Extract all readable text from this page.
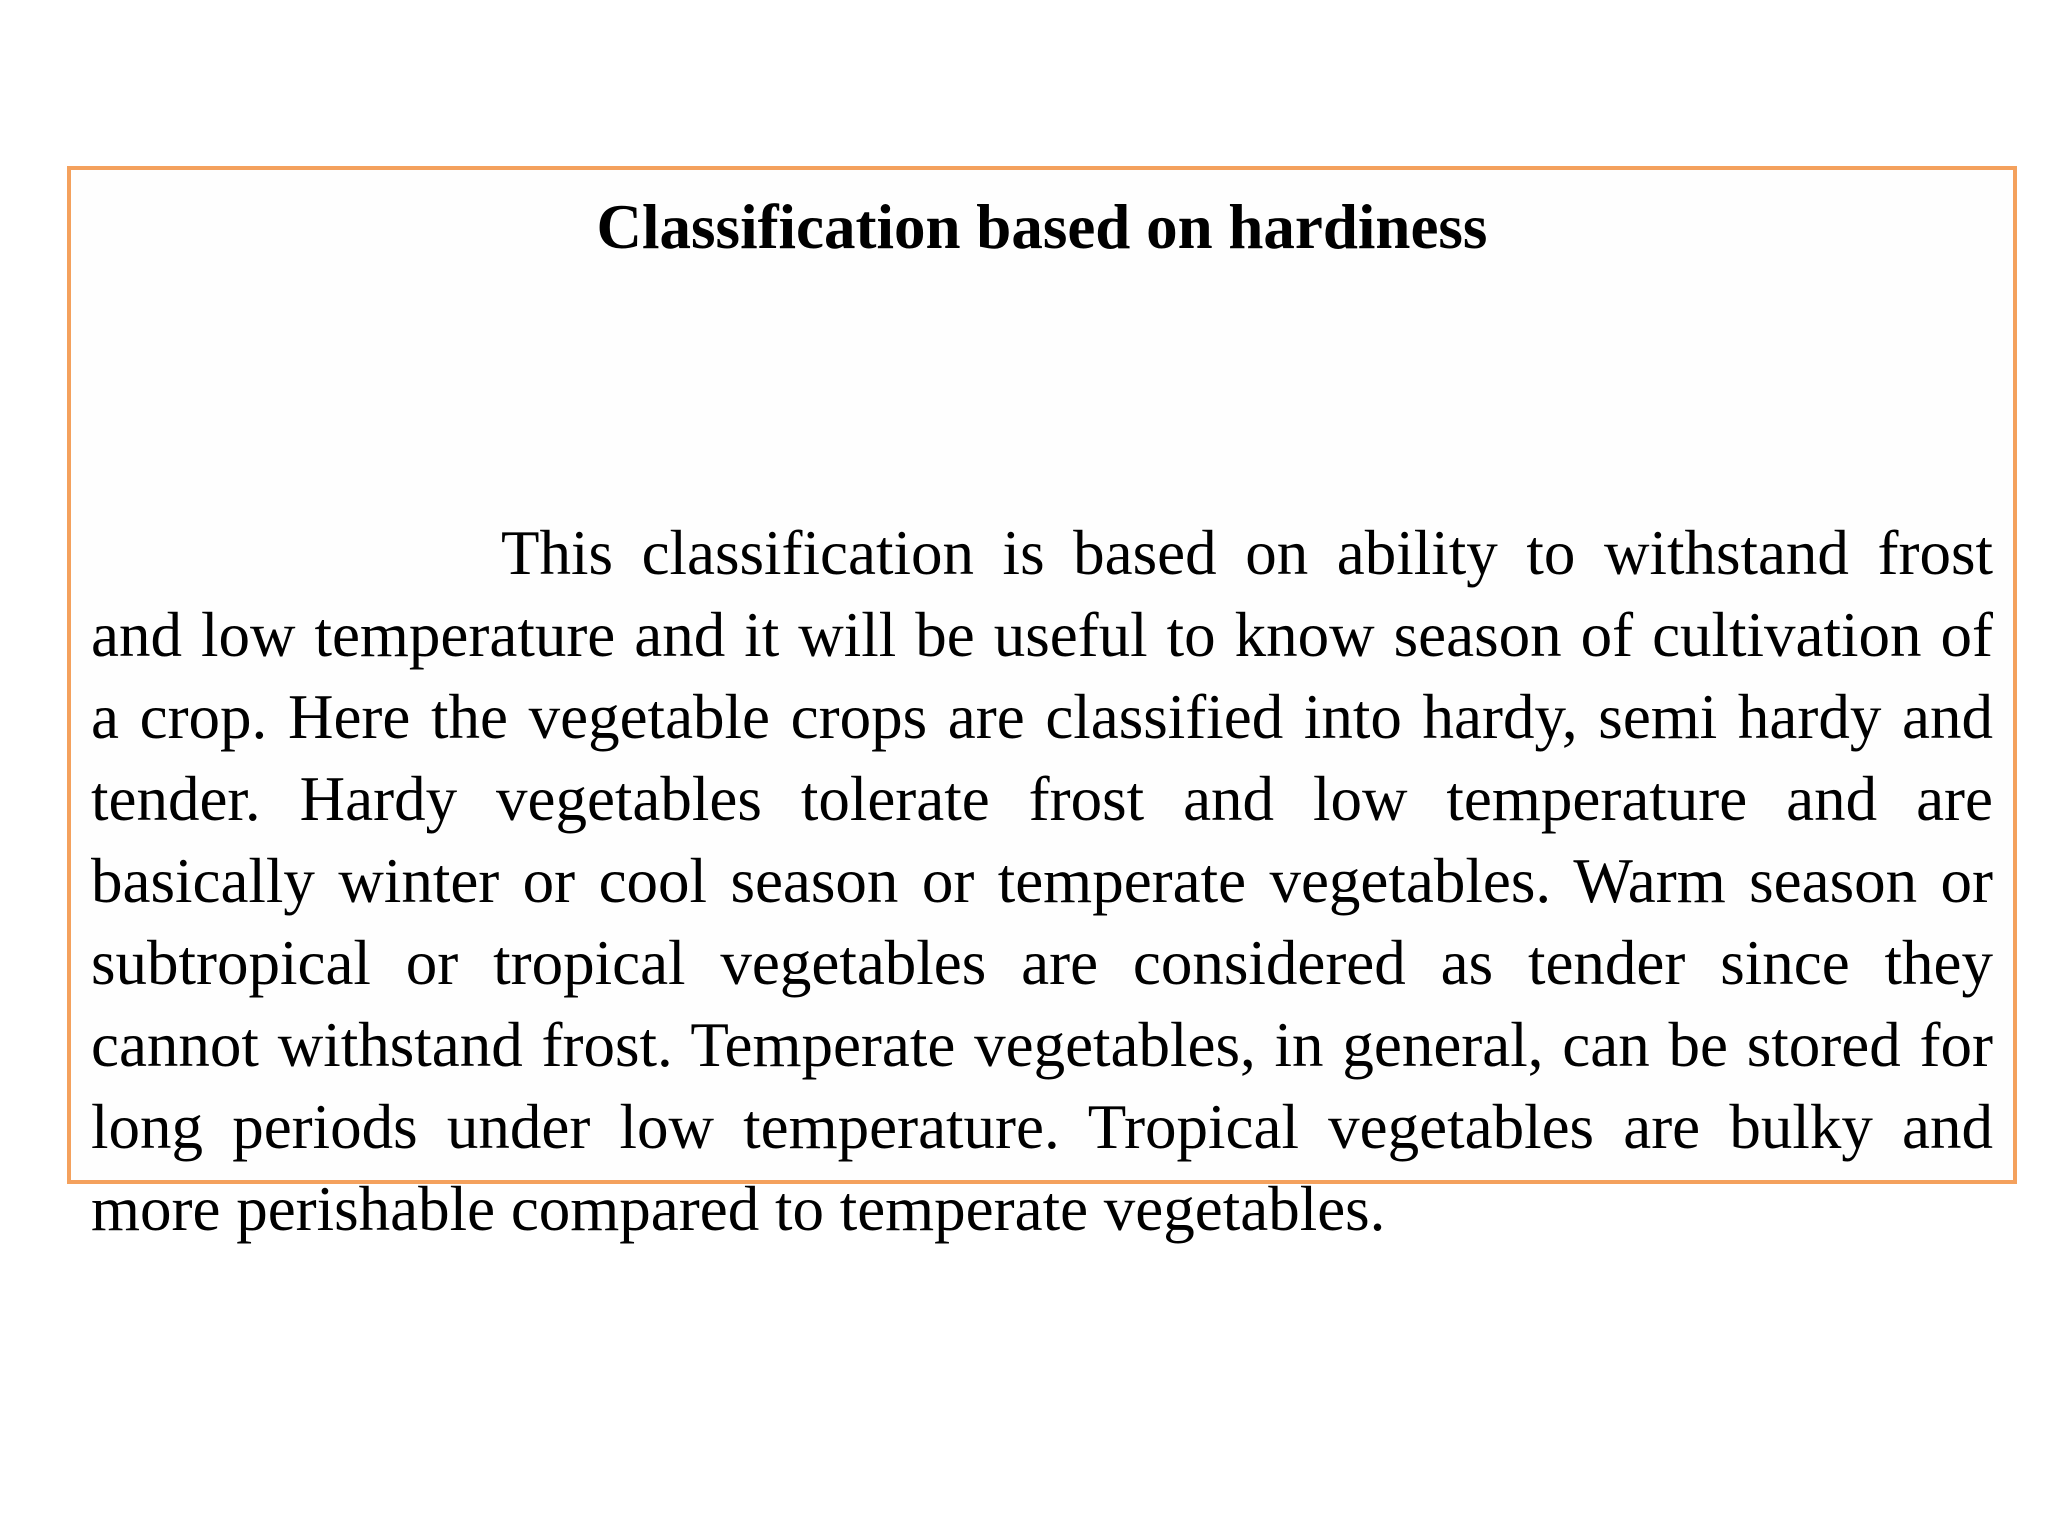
Classification based on hardiness

This classification is based on ability to withstand frost and low temperature and it will be useful to know season of cultivation of a crop. Here the vegetable crops are classified into hardy, semi hardy and tender. Hardy vegetables tolerate frost and low temperature and are basically winter or cool season or temperate vegetables. Warm season or subtropical or tropical vegetables are considered as tender since they cannot withstand frost. Temperate vegetables, in general, can be stored for long periods under low temperature. Tropical vegetables are bulky and more perishable compared to temperate vegetables.
